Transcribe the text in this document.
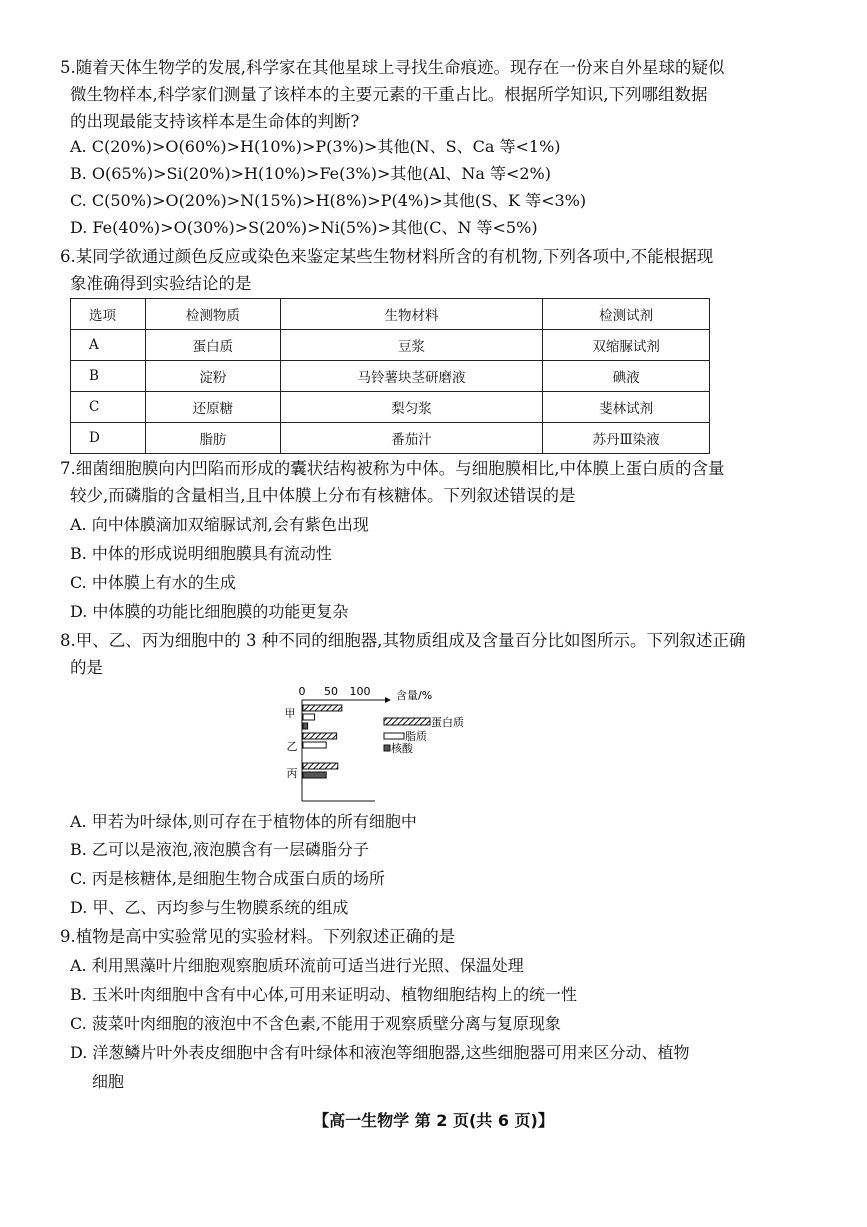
5.随着天体生物学的发展,科学家在其他星球上寻找生命痕迹。现存在一份来自外星球的疑似
微生物样本,科学家们测量了该样本的主要元素的干重占比。根据所学知识,下列哪组数据
的出现最能支持该样本是生命体的判断?
A. C(20%)>O(60%)>H(10%)>P(3%)>其他(N、S、Ca 等<1%)
B. O(65%)>Si(20%)>H(10%)>Fe(3%)>其他(Al、Na 等<2%)
C. C(50%)>O(20%)>N(15%)>H(8%)>P(4%)>其他(S、K 等<3%)
D. Fe(40%)>O(30%)>S(20%)>Ni(5%)>其他(C、N 等<5%)
6.某同学欲通过颜色反应或染色来鉴定某些生物材料所含的有机物,下列各项中,不能根据现
象准确得到实验结论的是
选项	检测物质	生物材料	检测试剂
A	蛋白质	豆浆	双缩脲试剂
B	淀粉	马铃薯块茎研磨液	碘液
C	还原糖	梨匀浆	斐林试剂
D	脂肪	番茄汁	苏丹Ⅲ染液
7.细菌细胞膜向内凹陷而形成的囊状结构被称为中体。与细胞膜相比,中体膜上蛋白质的含量
较少,而磷脂的含量相当,且中体膜上分布有核糖体。下列叙述错误的是
A. 向中体膜滴加双缩脲试剂,会有紫色出现
B. 中体的形成说明细胞膜具有流动性
C. 中体膜上有水的生成
D. 中体膜的功能比细胞膜的功能更复杂
8.甲、乙、丙为细胞中的 3 种不同的细胞器,其物质组成及含量百分比如图所示。下列叙述正确
的是
0 50 100 含量/%
甲
乙
丙
蛋白质
脂质
核酸
A. 甲若为叶绿体,则可存在于植物体的所有细胞中
B. 乙可以是液泡,液泡膜含有一层磷脂分子
C. 丙是核糖体,是细胞生物合成蛋白质的场所
D. 甲、乙、丙均参与生物膜系统的组成
9.植物是高中实验常见的实验材料。下列叙述正确的是
A. 利用黑藻叶片细胞观察胞质环流前可适当进行光照、保温处理
B. 玉米叶肉细胞中含有中心体,可用来证明动、植物细胞结构上的统一性
C. 菠菜叶肉细胞的液泡中不含色素,不能用于观察质壁分离与复原现象
D. 洋葱鳞片叶外表皮细胞中含有叶绿体和液泡等细胞器,这些细胞器可用来区分动、植物
细胞
【高一生物学 第 2 页(共 6 页)】
